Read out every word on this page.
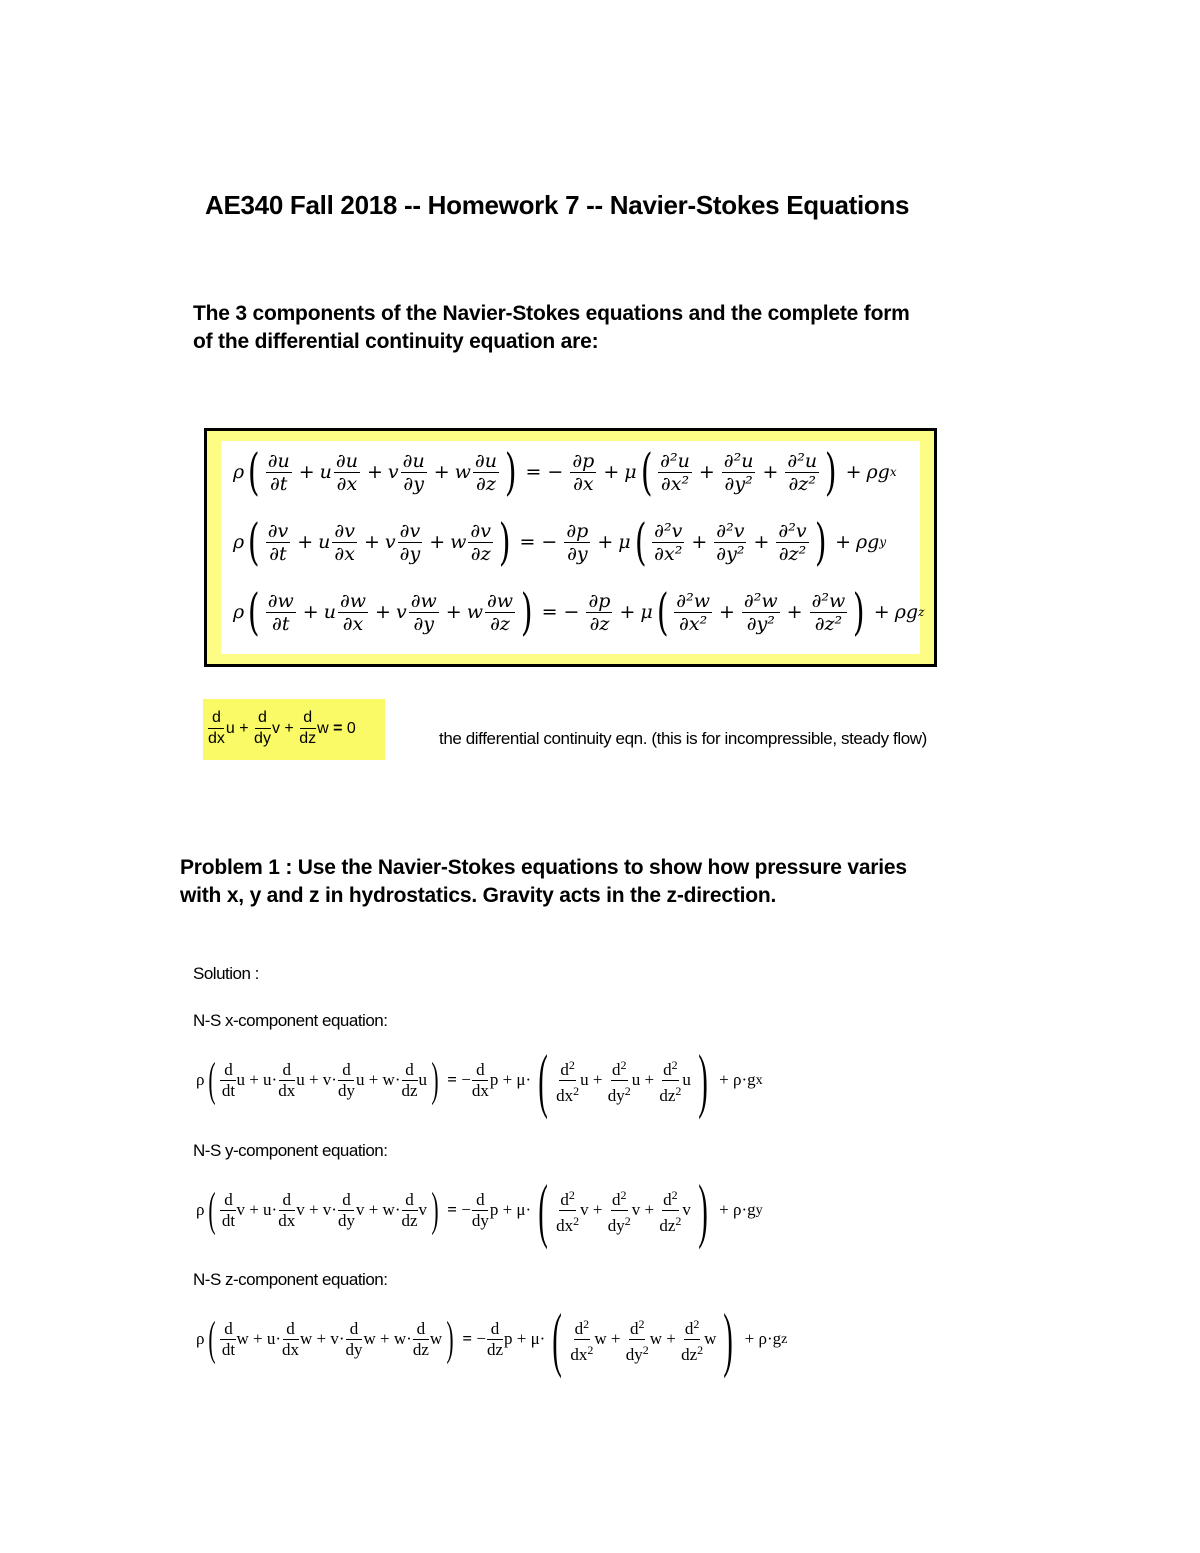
AE340 Fall 2018 -- Homework 7 -- Navier-Stokes Equations
The 3 components of the Navier-Stokes equations and the complete form
of the differential continuity equation are:
ρ ( $\frac{\partial u}{\partial t} + u \frac{\partial u}{\partial x} + v \frac{\partial u}{\partial y} + w \frac{\partial u}{\partial z}$ ) = − $\frac{\partial p}{\partial x} + \mu$ ( $\frac{\text{∂²u}}{\text{∂x²}} + \frac{\text{∂²u}}{\text{∂y²}} + \frac{\text{∂²u}}{\text{∂z²}}$ ) + ρg x
ρ ( $\frac{\partial v}{\partial t} + u \frac{\partial v}{\partial x} + v \frac{\partial v}{\partial y} + w \frac{\partial v}{\partial z}$ ) = − $\frac{\partial p}{\partial y} + \mu$ ( $\frac{\text{∂²v}}{\text{∂x²}} + \frac{\text{∂²v}}{\text{∂y²}} + \frac{\text{∂²v}}{\text{∂z²}}$ ) + ρg y
ρ ( $\frac{\partial w}{\partial t} + u \frac{\partial w}{\partial x} + v \frac{\partial w}{\partial y} + w \frac{\partial w}{\partial z}$ ) = − $\frac{\partial p}{\partial z} + \mu$ ( $\frac{\text{∂²w}}{\text{∂x²}} + \frac{\text{∂²w}}{\text{∂y²}} + \frac{\text{∂²w}}{\text{∂z²}}$ ) + ρg z
d
dx
u +
d
dy
$v + \frac{d}{dz}$ w = 0
the differential continuity eqn. (this is for incompressible, steady flow)
Problem 1 : Use the Navier-Stokes equations to show how pressure varies
with x, y and z in hydrostatics. Gravity acts in the z-direction.
Solution :
N-S x-component equation:
ρ ( d
dt
u + u·
d
dx
u + v·
d
dy
u + w·
d
dz
u )
= − $\frac{d}{dx}$ p + μ· ( $d^2$
$dx^2$
u +
$d^2$
$dy^2$
u +
$d^2$
$dz^2$
u ) + ρ·g x
N-S y-component equation:
ρ ( d
dt
v + u·
d
dx
v + v·
d
dy
v + w·
d
dz
v )
= − $\frac{d}{dy}$ p + μ· ( $d^2$
$dx^2$
v +
$d^2$
$dy^2$
v +
$d^2$
$dz^2$
v ) + ρ·g y
N-S z-component equation:
ρ ( d
dt
w + u·
d
dx
w + v·
d
dy
w + w·
d
dz
w )
= − $\frac{d}{dz}$ p + μ· ( $d^2$
$dx^2$
w +
$d^2$
$dy^2$
w +
$d^2$
$dz^2$
w ) + ρ·g z
